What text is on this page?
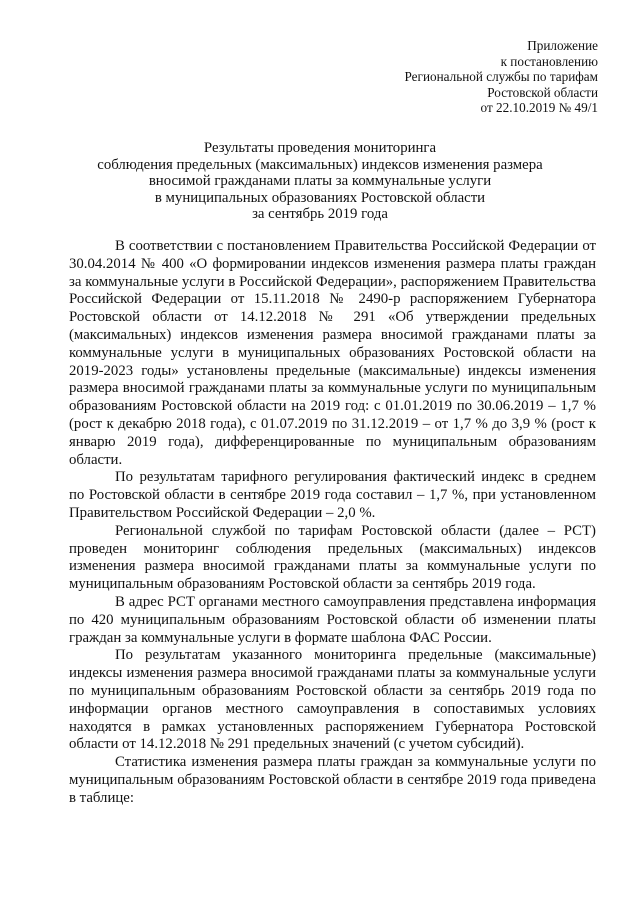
Приложение
к постановлению
Региональной службы по тарифам
Ростовской области
от 22.10.2019 № 49/1
Результаты проведения мониторинга
соблюдения предельных (максимальных) индексов изменения размера
вносимой гражданами платы за коммунальные услуги
в муниципальных образованиях Ростовской области
за сентябрь 2019 года

В соответствии с постановлением Правительства Российской Федерации от 30.04.2014 № 400 «О формировании индексов изменения размера платы граждан за коммунальные услуги в Российской Федерации», распоряжением Правительства Российской Федерации от 15.11.2018 № 2490-р распоряжением Губернатора Ростовской области от 14.12.2018 № 291 «Об утверждении предельных (максимальных) индексов изменения размера вносимой гражданами платы за коммунальные услуги в муниципальных образованиях Ростовской области на 2019-2023 годы» установлены предельные (максимальные) индексы изменения размера вносимой гражданами платы за коммунальные услуги по муниципальным образованиям Ростовской области на 2019 год: с 01.01.2019 по 30.06.2019 – 1,7 % (рост к декабрю 2018 года), с 01.07.2019 по 31.12.2019 – от 1,7 % до 3,9 % (рост к январю 2019 года), дифференцированные по муниципальным образованиям области.

По результатам тарифного регулирования фактический индекс в среднем по Ростовской области в сентябре 2019 года составил – 1,7 %, при установленном Правительством Российской Федерации – 2,0 %.

Региональной службой по тарифам Ростовской области (далее – РСТ) проведен мониторинг соблюдения предельных (максимальных) индексов изменения размера вносимой гражданами платы за коммунальные услуги по муниципальным образованиям Ростовской области за сентябрь 2019 года.

В адрес РСТ органами местного самоуправления представлена информация по 420 муниципальным образованиям Ростовской области об изменении платы граждан за коммунальные услуги в формате шаблона ФАС России.

По результатам указанного мониторинга предельные (максимальные) индексы изменения размера вносимой гражданами платы за коммунальные услуги по муниципальным образованиям Ростовской области за сентябрь 2019 года по информации органов местного самоуправления в сопоставимых условиях находятся в рамках установленных распоряжением Губернатора Ростовской области от 14.12.2018 № 291 предельных значений (с учетом субсидий).

Статистика изменения размера платы граждан за коммунальные услуги по муниципальным образованиям Ростовской области в сентябре 2019 года приведена в таблице:
